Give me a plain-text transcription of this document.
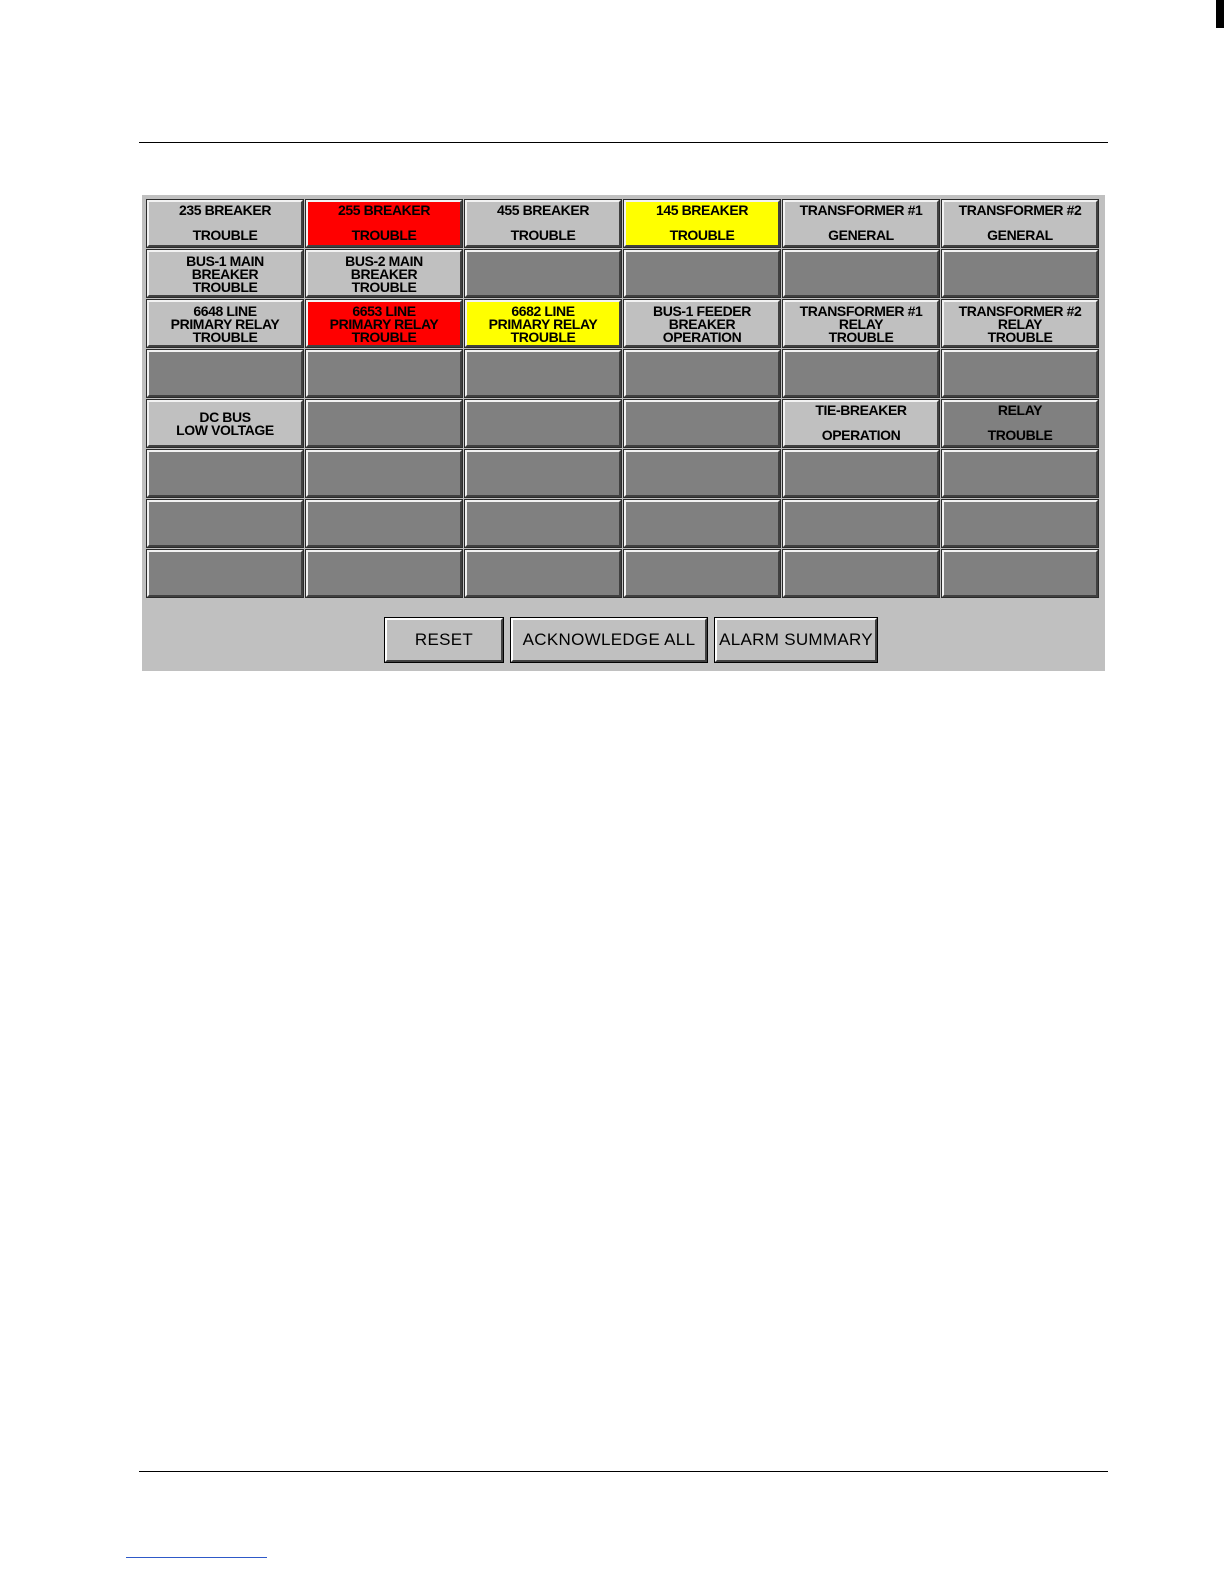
235 BREAKER
TROUBLE
255 BREAKER
TROUBLE
455 BREAKER
TROUBLE
145 BREAKER
TROUBLE
TRANSFORMER #1
GENERAL
TRANSFORMER #2
GENERAL
BUS-1 MAIN
BREAKER
TROUBLE
BUS-2 MAIN
BREAKER
TROUBLE
6648 LINE
PRIMARY RELAY
TROUBLE
6653 LINE
PRIMARY RELAY
TROUBLE
6682 LINE
PRIMARY RELAY
TROUBLE
BUS-1 FEEDER
BREAKER
OPERATION
TRANSFORMER #1
RELAY
TROUBLE
TRANSFORMER #2
RELAY
TROUBLE
DC BUS
LOW VOLTAGE
TIE-BREAKER
OPERATION
RELAY
TROUBLE
RESET	ACKNOWLEDGE ALL	ALARM SUMMARY
